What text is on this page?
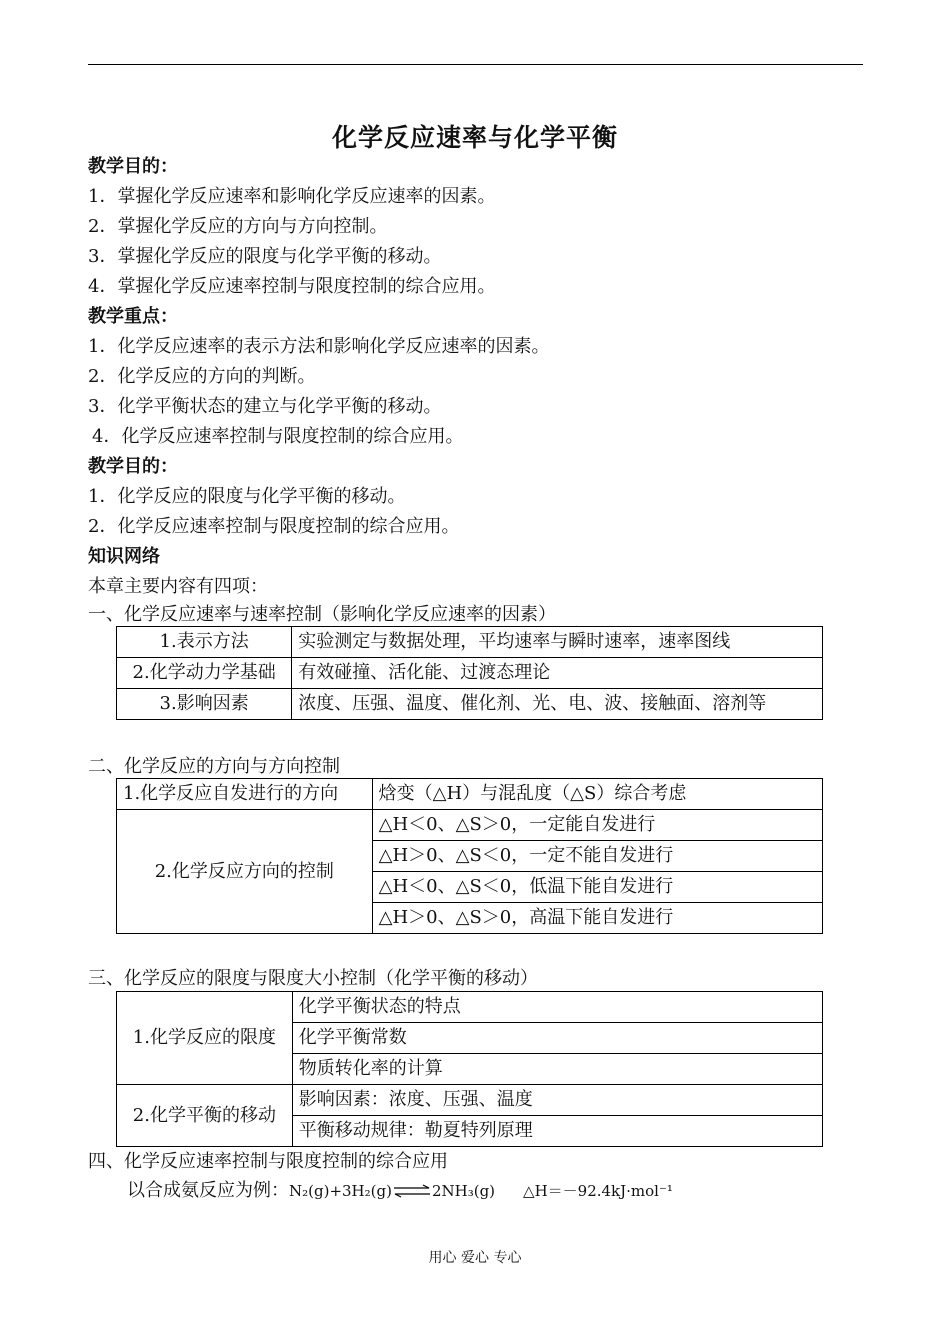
化学反应速率与化学平衡
教学目的：
1．掌握化学反应速率和影响化学反应速率的因素。
2．掌握化学反应的方向与方向控制。
3．掌握化学反应的限度与化学平衡的移动。
4．掌握化学反应速率控制与限度控制的综合应用。
教学重点：
1．化学反应速率的表示方法和影响化学反应速率的因素。
2．化学反应的方向的判断。
3．化学平衡状态的建立与化学平衡的移动。
4．化学反应速率控制与限度控制的综合应用。
教学目的：
1．化学反应的限度与化学平衡的移动。
2．化学反应速率控制与限度控制的综合应用。
知识网络
本章主要内容有四项：
一、化学反应速率与速率控制（影响化学反应速率的因素）
1.表示方法	实验测定与数据处理，平均速率与瞬时速率，速率图线
2.化学动力学基础	有效碰撞、活化能、过渡态理论
3.影响因素	浓度、压强、温度、催化剂、光、电、波、接触面、溶剂等
二、化学反应的方向与方向控制
1.化学反应自发进行的方向	焓变（△H）与混乱度（△S）综合考虑
2.化学反应方向的控制	△H＜0、△S＞0，一定能自发进行
	△H＞0、△S＜0，一定不能自发进行
	△H＜0、△S＜0，低温下能自发进行
	△H＞0、△S＞0，高温下能自发进行
三、化学反应的限度与限度大小控制（化学平衡的移动）
1.化学反应的限度	化学平衡状态的特点
	化学平衡常数
	物质转化率的计算
2.化学平衡的移动	影响因素：浓度、压强、温度
	平衡移动规律：勒夏特列原理
四、化学反应速率控制与限度控制的综合应用
以合成氨反应为例：N₂(g)+3H₂(g)⇌2NH₃(g) △H＝－92.4kJ·mol⁻¹
用心 爱心 专心
